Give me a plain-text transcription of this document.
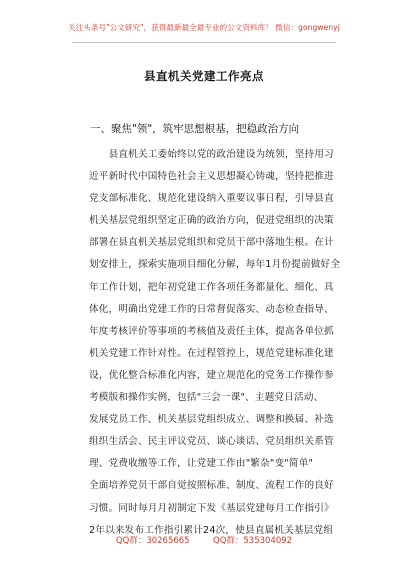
关注头条号"公文研究"，获得最新最全最专业的公文资料库！ 微信：gongwenyj
县直机关党建工作亮点
一、聚焦"领"，筑牢思想根基，把稳政治方向
　　县直机关工委始终以党的政治建设为统领，坚持用习
近平新时代中国特色社会主义思想凝心铸魂，坚持把推进
党支部标准化、规范化建设纳入重要议事日程，引导县直
机关基层党组织坚定正确的政治方向，促进党组织的决策
部署在县直机关基层党组织和党员干部中落地生根。在计
划安排上，探索实施项目细化分解，每年1月份提前做好全
年工作计划，把年初党建工作各项任务都量化、细化、具
体化，明确出党建工作的日常督促落实、动态检查指导、
年度考核评价等事项的考核值及责任主体，提高各单位抓
机关党建工作针对性。在过程管控上，规范党建标准化建
设，优化整合标准化内容，建立规范化的党务工作操作参
考模版和操作实例，包括"三会一课"、主题党日活动、
发展党员工作、机关基层党组织成立、调整和换届、补选
组织生活会、民主评议党员、谈心谈话、党员组织关系管
理、党费收缴等工作，让党建工作由"繁杂"变"简单"
全面培养党员干部自觉按照标准、制度、流程工作的良好
习惯。同时每月月初制定下发《基层党建每月工作指引》
2年以来发布工作指引累计24次，使县直属机关基层党组
QQ群：30265665	QQ群：535304092
